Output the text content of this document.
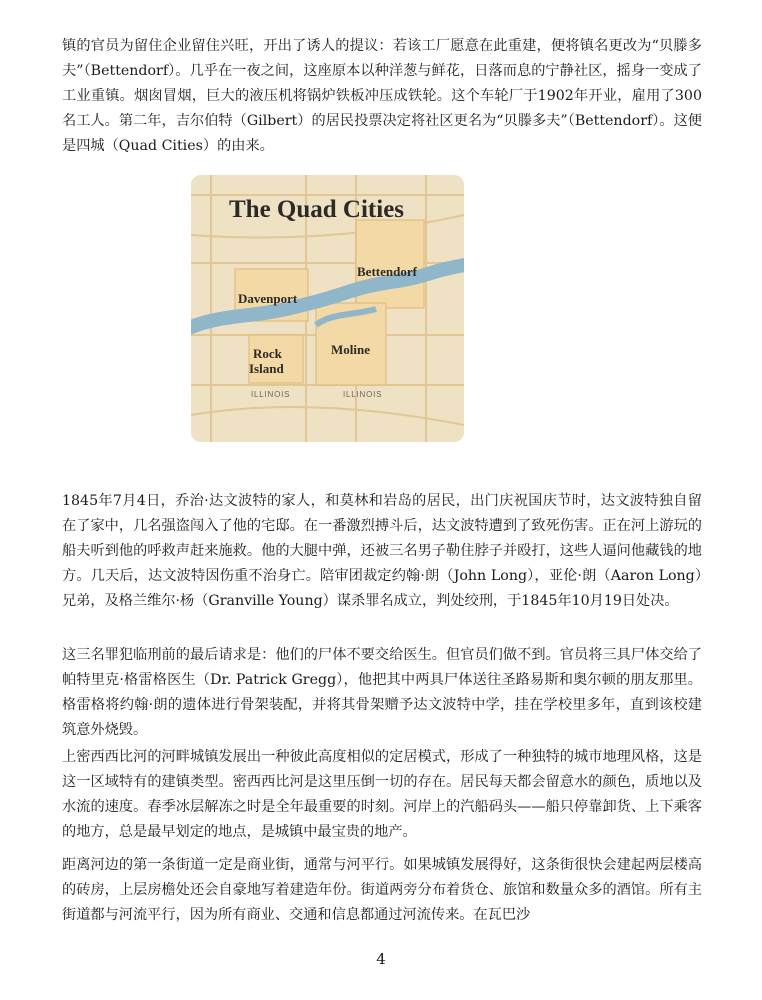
镇的官员为留住企业留住兴旺，开出了诱人的提议：若该工厂愿意在此重建，便将镇名更改为“贝滕多夫”（Bettendorf）。几乎在一夜之间，这座原本以种洋葱与鲜花，日落而息的宁静社区，摇身一变成了工业重镇。烟囱冒烟，巨大的液压机将锅炉铁板冲压成铁轮。这个车轮厂于1902年开业，雇用了300名工人。第二年，吉尔伯特（Gilbert）的居民投票决定将社区更名为“贝滕多夫”（Bettendorf）。这便是四城（Quad Cities）的由来。

The Quad Cities
Bettendorf
Davenport
Moline
Rock
Island
ILLINOIS	ILLINOIS

1845年7月4日，乔治·达文波特的家人，和莫林和岩岛的居民，出门庆祝国庆节时，达文波特独自留在了家中，几名强盗闯入了他的宅邸。在一番激烈搏斗后，达文波特遭到了致死伤害。正在河上游玩的船夫听到他的呼救声赶来施救。他的大腿中弹，还被三名男子勒住脖子并殴打，这些人逼问他藏钱的地方。几天后，达文波特因伤重不治身亡。陪审团裁定约翰·朗（John Long），亚伦·朗（Aaron Long）兄弟，及格兰维尔·杨（Granville Young）谋杀罪名成立，判处绞刑，于1845年10月19日处决。

这三名罪犯临刑前的最后请求是：他们的尸体不要交给医生。但官员们做不到。官员将三具尸体交给了帕特里克·格雷格医生（Dr. Patrick Gregg），他把其中两具尸体送往圣路易斯和奥尔顿的朋友那里。格雷格将约翰·朗的遗体进行骨架装配，并将其骨架赠予达文波特中学，挂在学校里多年，直到该校建筑意外烧毁。

上密西西比河的河畔城镇发展出一种彼此高度相似的定居模式，形成了一种独特的城市地理风格，这是这一区域特有的建镇类型。密西西比河是这里压倒一切的存在。居民每天都会留意水的颜色，质地以及水流的速度。春季冰层解冻之时是全年最重要的时刻。河岸上的汽船码头——船只停靠卸货、上下乘客的地方，总是最早划定的地点，是城镇中最宝贵的地产。

距离河边的第一条街道一定是商业街，通常与河平行。如果城镇发展得好，这条街很快会建起两层楼高的砖房，上层房檐处还会自豪地写着建造年份。街道两旁分布着货仓、旅馆和数量众多的酒馆。所有主街道都与河流平行，因为所有商业、交通和信息都通过河流传来。在瓦巴沙

4
